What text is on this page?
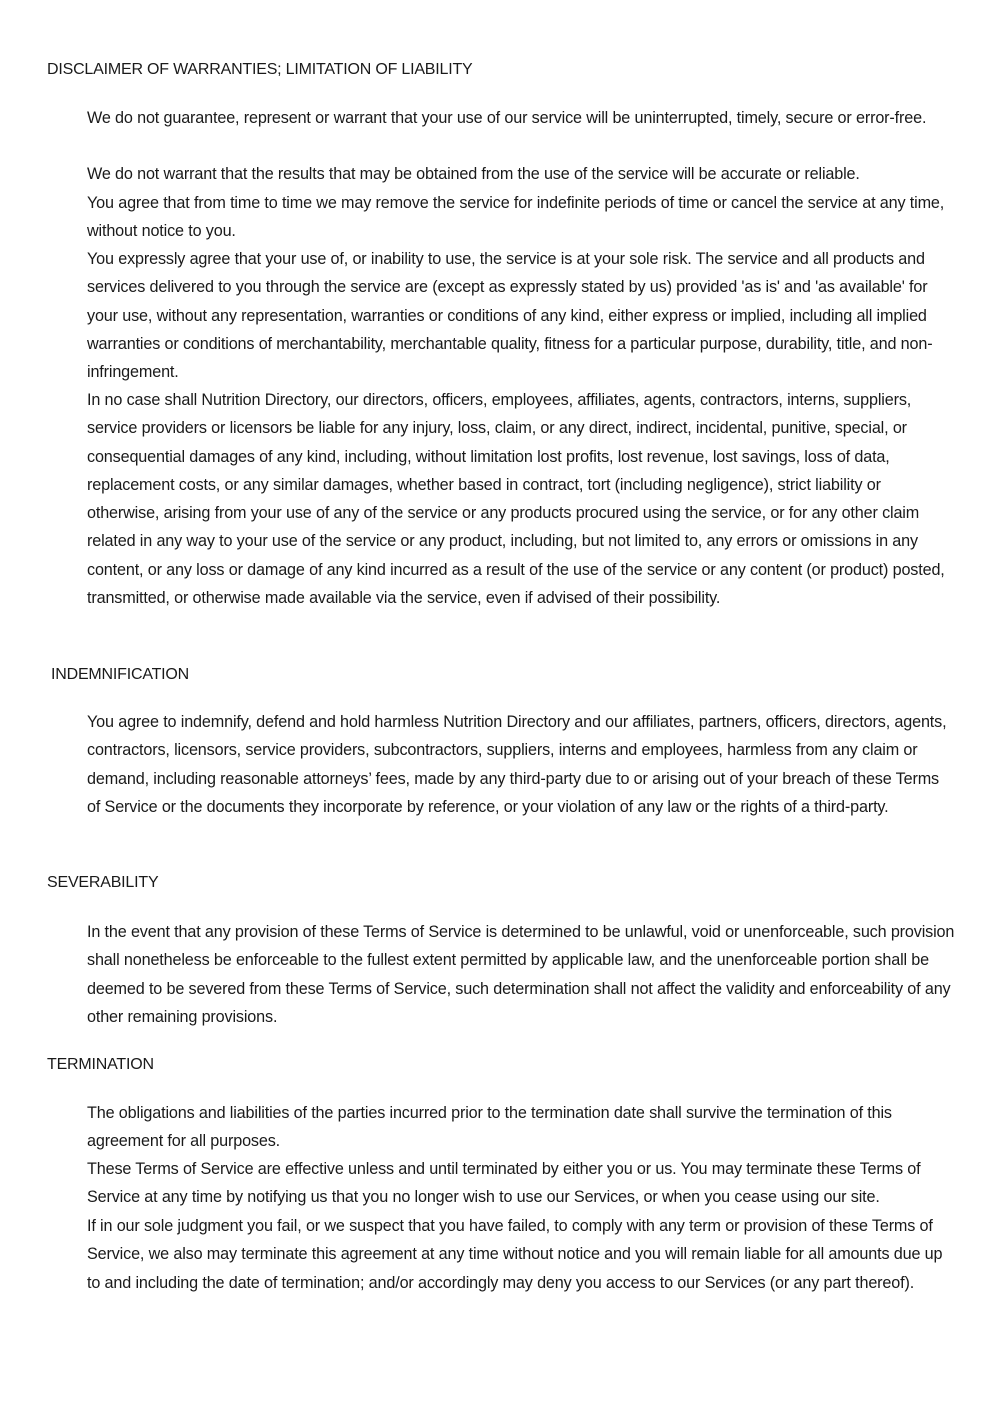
DISCLAIMER OF WARRANTIES; LIMITATION OF LIABILITY

We do not guarantee, represent or warrant that your use of our service will be uninterrupted, timely, secure or error-free.

We do not warrant that the results that may be obtained from the use of the service will be accurate or reliable.

You agree that from time to time we may remove the service for indefinite periods of time or cancel the service at any time, without notice to you.

You expressly agree that your use of, or inability to use, the service is at your sole risk. The service and all products and services delivered to you through the service are (except as expressly stated by us) provided 'as is' and 'as available' for your use, without any representation, warranties or conditions of any kind, either express or implied, including all implied warranties or conditions of merchantability, merchantable quality, fitness for a particular purpose, durability, title, and non-infringement.

In no case shall Nutrition Directory, our directors, officers, employees, affiliates, agents, contractors, interns, suppliers, service providers or licensors be liable for any injury, loss, claim, or any direct, indirect, incidental, punitive, special, or consequential damages of any kind, including, without limitation lost profits, lost revenue, lost savings, loss of data, replacement costs, or any similar damages, whether based in contract, tort (including negligence), strict liability or otherwise, arising from your use of any of the service or any products procured using the service, or for any other claim related in any way to your use of the service or any product, including, but not limited to, any errors or omissions in any content, or any loss or damage of any kind incurred as a result of the use of the service or any content (or product) posted, transmitted, or otherwise made available via the service, even if advised of their possibility.

INDEMNIFICATION

You agree to indemnify, defend and hold harmless Nutrition Directory and our affiliates, partners, officers, directors, agents, contractors, licensors, service providers, subcontractors, suppliers, interns and employees, harmless from any claim or demand, including reasonable attorneys’ fees, made by any third-party due to or arising out of your breach of these Terms of Service or the documents they incorporate by reference, or your violation of any law or the rights of a third-party.

SEVERABILITY

In the event that any provision of these Terms of Service is determined to be unlawful, void or unenforceable, such provision shall nonetheless be enforceable to the fullest extent permitted by applicable law, and the unenforceable portion shall be deemed to be severed from these Terms of Service, such determination shall not affect the validity and enforceability of any other remaining provisions.

TERMINATION

The obligations and liabilities of the parties incurred prior to the termination date shall survive the termination of this agreement for all purposes.

These Terms of Service are effective unless and until terminated by either you or us. You may terminate these Terms of Service at any time by notifying us that you no longer wish to use our Services, or when you cease using our site.

If in our sole judgment you fail, or we suspect that you have failed, to comply with any term or provision of these Terms of Service, we also may terminate this agreement at any time without notice and you will remain liable for all amounts due up to and including the date of termination; and/or accordingly may deny you access to our Services (or any part thereof).
